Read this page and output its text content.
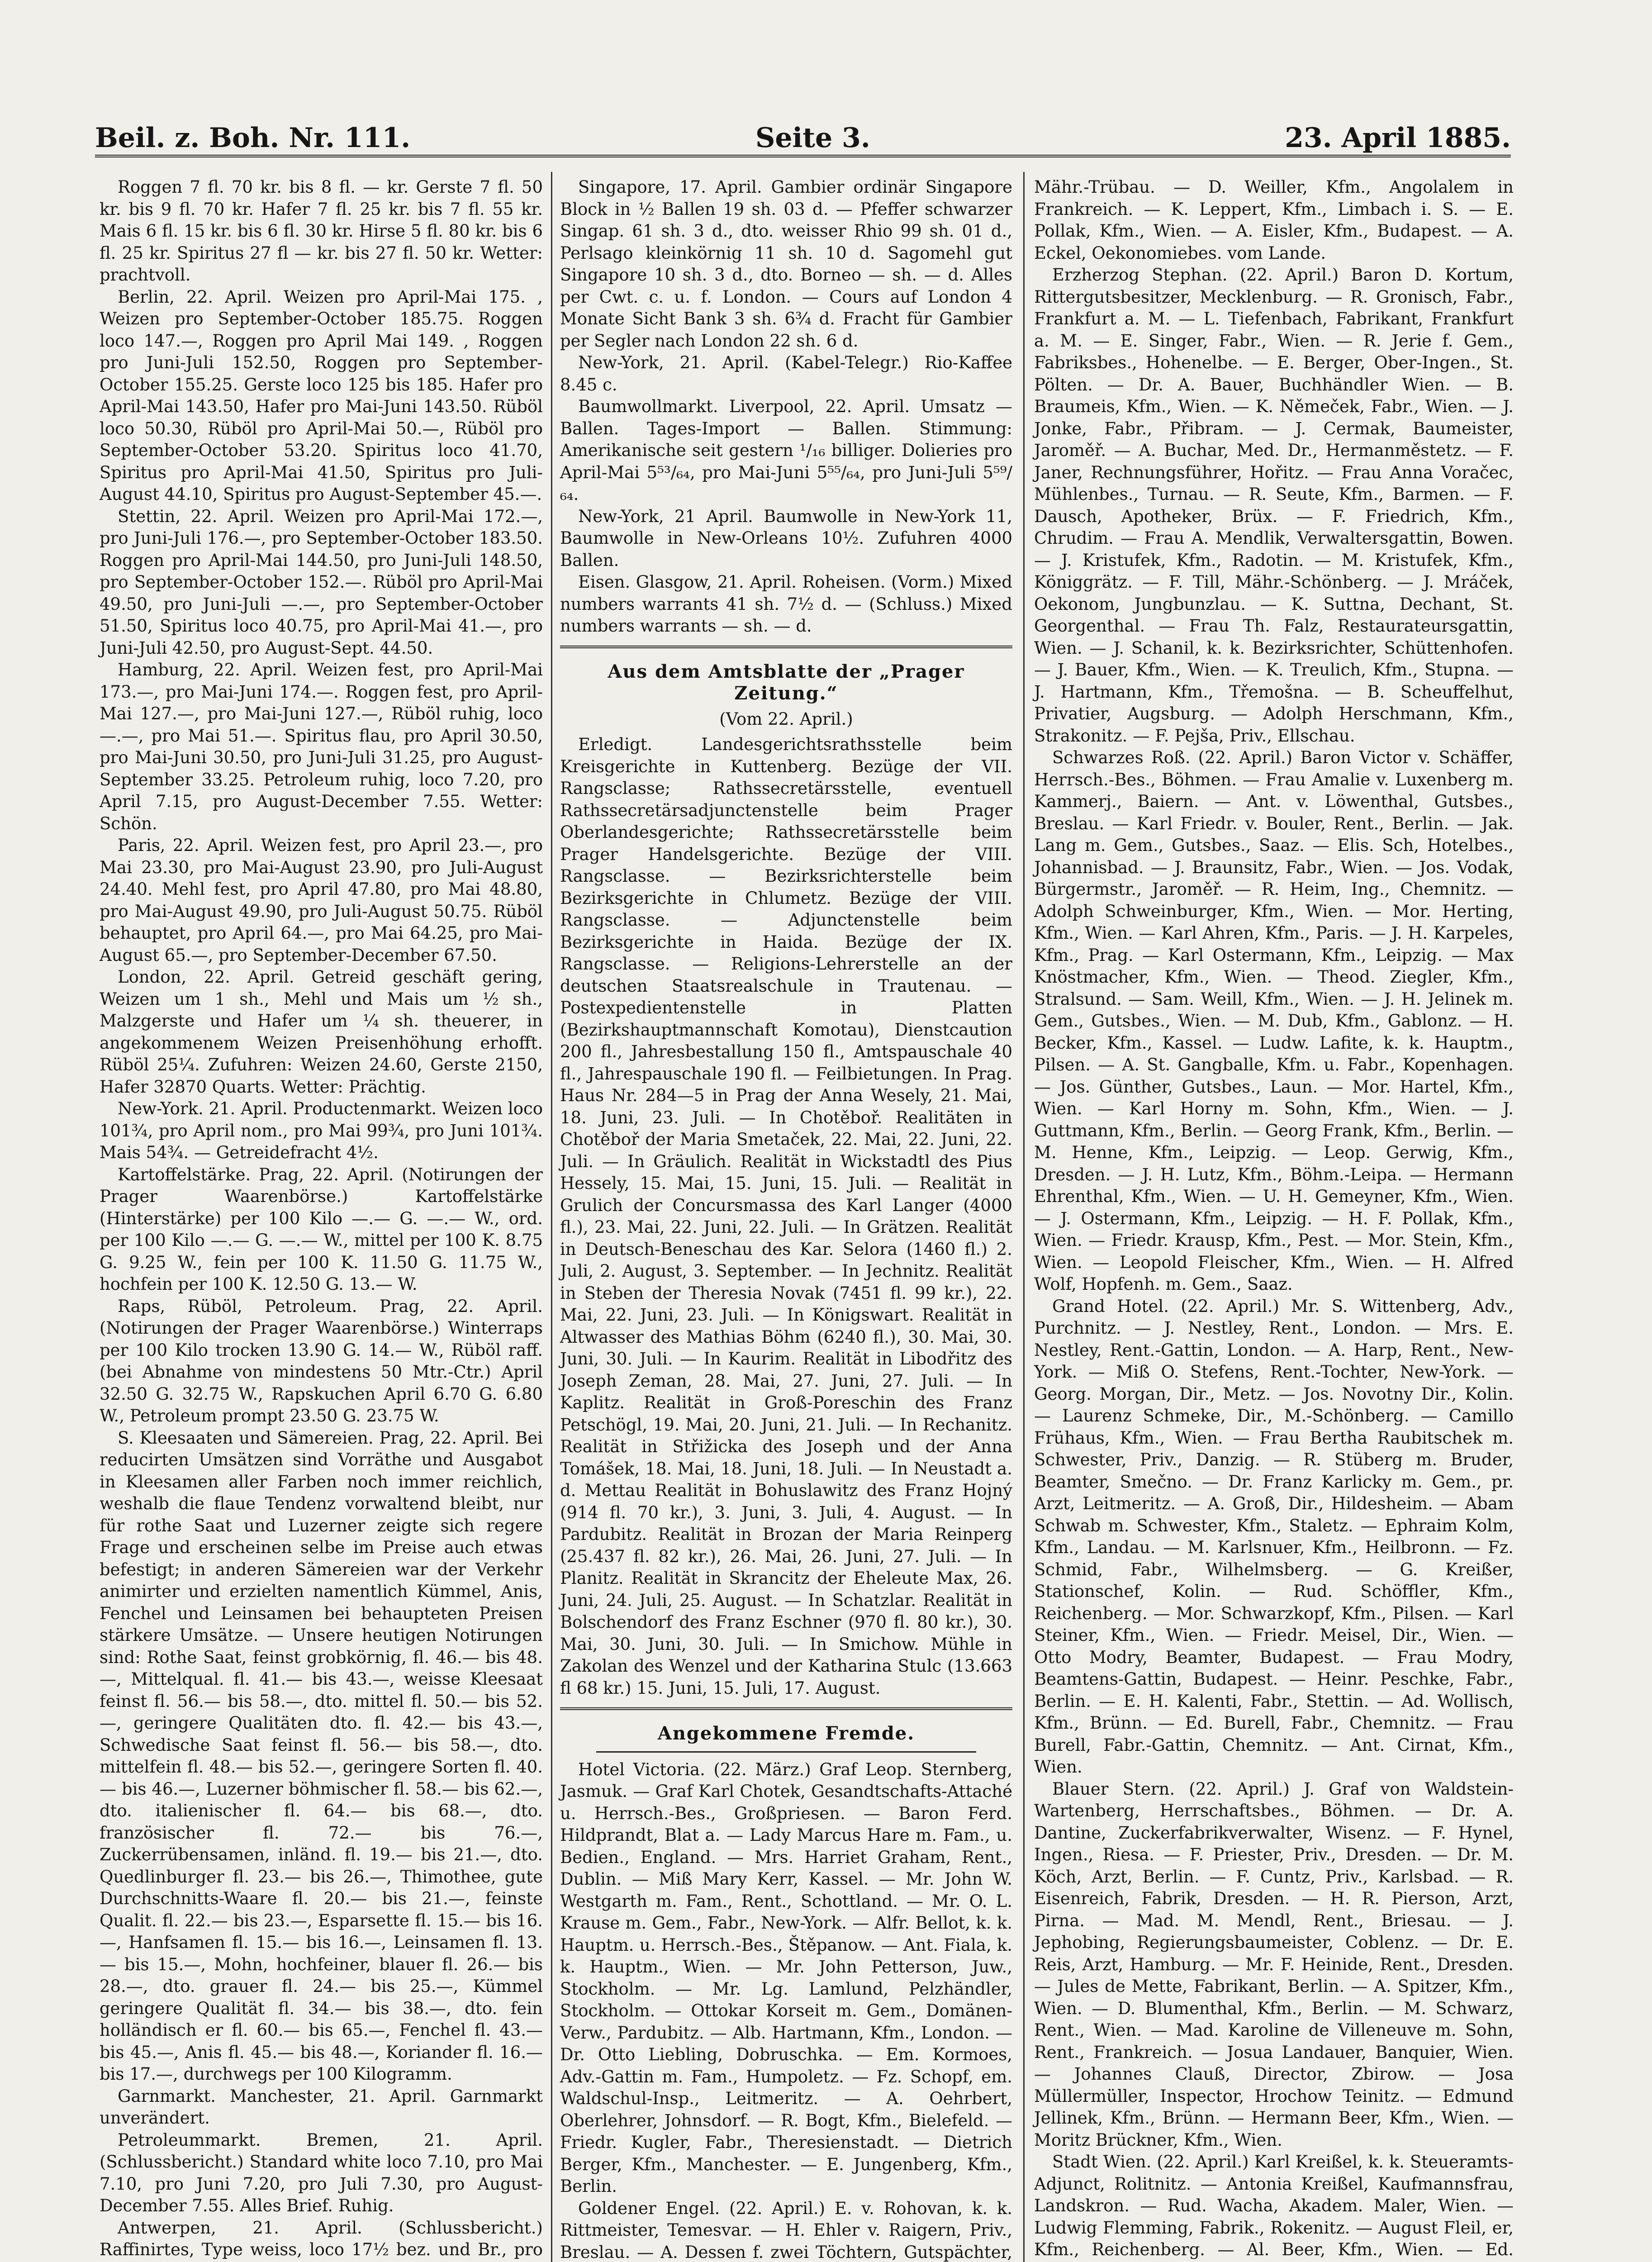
Beil. z. Boh. Nr. 111.	Seite 3.	23. April 1885.

Roggen 7 fl. 70 kr. bis 8 fl. — kr. Gerste 7 fl. 50 kr. bis 9 fl. 70 kr. Hafer 7 fl. 25 kr. bis 7 fl. 55 kr. Mais 6 fl. 15 kr. bis 6 fl. 30 kr. Hirse 5 fl. 80 kr. bis 6 fl. 25 kr. Spiritus 27 fl — kr. bis 27 fl. 50 kr. Wetter: prachtvoll.

Berlin, 22. April. Weizen pro April-Mai 175. , Weizen pro September-October 185.75. Roggen loco 147.—, Roggen pro April Mai 149. , Roggen pro Juni-Juli 152.50, Roggen pro September-October 155.25. Gerste loco 125 bis 185. Hafer pro April-Mai 143.50, Hafer pro Mai-Juni 143.50. Rüböl loco 50.30, Rüböl pro April-Mai 50.—, Rüböl pro September-October 53.20. Spiritus loco 41.70, Spiritus pro April-Mai 41.50, Spiritus pro Juli-August 44.10, Spiritus pro August-September 45.—.

Stettin, 22. April. Weizen pro April-Mai 172.—, pro Juni-Juli 176.—, pro September-October 183.50. Roggen pro April-Mai 144.50, pro Juni-Juli 148.50, pro September-October 152.—. Rüböl pro April-Mai 49.50, pro Juni-Juli —.—, pro September-October 51.50, Spiritus loco 40.75, pro April-Mai 41.—, pro Juni-Juli 42.50, pro August-Sept. 44.50.

Hamburg, 22. April. Weizen fest, pro April-Mai 173.—, pro Mai-Juni 174.—. Roggen fest, pro April-Mai 127.—, pro Mai-Juni 127.—, Rüböl ruhig, loco —.—, pro Mai 51.—. Spiritus flau, pro April 30.50, pro Mai-Juni 30.50, pro Juni-Juli 31.25, pro August-September 33.25. Petroleum ruhig, loco 7.20, pro April 7.15, pro August-December 7.55. Wetter: Schön.

Paris, 22. April. Weizen fest, pro April 23.—, pro Mai 23.30, pro Mai-August 23.90, pro Juli-August 24.40. Mehl fest, pro April 47.80, pro Mai 48.80, pro Mai-August 49.90, pro Juli-August 50.75. Rüböl behauptet, pro April 64.—, pro Mai 64.25, pro Mai-August 65.—, pro September-December 67.50.

London, 22. April. Getreid geschäft gering, Weizen um 1 sh., Mehl und Mais um ½ sh., Malzgerste und Hafer um ¼ sh. theuerer, in angekommenem Weizen Preisenhöhung erhofft. Rüböl 25¼. Zufuhren: Weizen 24.60, Gerste 2150, Hafer 32870 Quarts. Wetter: Prächtig.

New-York. 21. April. Productenmarkt. Weizen loco 101¾, pro April nom., pro Mai 99¾, pro Juni 101¾. Mais 54¾. — Getreidefracht 4½.

Kartoffelstärke. Prag, 22. April. (Notirungen der Prager Waarenbörse.) Kartoffelstärke (Hinterstärke) per 100 Kilo —.— G. —.— W., ord. per 100 Kilo —.— G. —.— W., mittel per 100 K. 8.75 G. 9.25 W., fein per 100 K. 11.50 G. 11.75 W., hochfein per 100 K. 12.50 G. 13.— W.

Raps, Rüböl, Petroleum. Prag, 22. April. (Notirungen der Prager Waarenbörse.) Winterraps per 100 Kilo trocken 13.90 G. 14.— W., Rüböl raff. (bei Abnahme von mindestens 50 Mtr.-Ctr.) April 32.50 G. 32.75 W., Rapskuchen April 6.70 G. 6.80 W., Petroleum prompt 23.50 G. 23.75 W.

S. Kleesaaten und Sämereien. Prag, 22. April. Bei reducirten Umsätzen sind Vorräthe und Ausgabot in Kleesamen aller Farben noch immer reichlich, weshalb die flaue Tendenz vorwaltend bleibt, nur für rothe Saat und Luzerner zeigte sich regere Frage und erscheinen selbe im Preise auch etwas befestigt; in anderen Sämereien war der Verkehr animirter und erzielten namentlich Kümmel, Anis, Fenchel und Leinsamen bei behaupteten Preisen stärkere Umsätze. — Unsere heutigen Notirungen sind: Rothe Saat, feinst grobkörnig, fl. 46.— bis 48.—, Mittelqual. fl. 41.— bis 43.—, weisse Kleesaat feinst fl. 56.— bis 58.—, dto. mittel fl. 50.— bis 52.—, geringere Qualitäten dto. fl. 42.— bis 43.—, Schwedische Saat feinst fl. 56.— bis 58.—, dto. mittelfein fl. 48.— bis 52.—, geringere Sorten fl. 40.— bis 46.—, Luzerner böhmischer fl. 58.— bis 62.—, dto. italienischer fl. 64.— bis 68.—, dto. französischer fl. 72.— bis 76.—, Zuckerrübensamen, inländ. fl. 19.— bis 21.—, dto. Quedlinburger fl. 23.— bis 26.—, Thimothee, gute Durchschnitts-Waare fl. 20.— bis 21.—, feinste Qualit. fl. 22.— bis 23.—, Esparsette fl. 15.— bis 16.—, Hanfsamen fl. 15.— bis 16.—, Leinsamen fl. 13.— bis 15.—, Mohn, hochfeiner, blauer fl. 26.— bis 28.—, dto. grauer fl. 24.— bis 25.—, Kümmel geringere Qualität fl. 34.— bis 38.—, dto. fein holländisch er fl. 60.— bis 65.—, Fenchel fl. 43.— bis 45.—, Anis fl. 45.— bis 48.—, Koriander fl. 16.— bis 17.—, durchwegs per 100 Kilogramm.

Garnmarkt. Manchester, 21. April. Garnmarkt unverändert.

Petroleummarkt. Bremen, 21. April. (Schlussbericht.) Standard white loco 7.10, pro Mai 7.10, pro Juni 7.20, pro Juli 7.30, pro August-December 7.55. Alles Brief. Ruhig.

Antwerpen, 21. April. (Schlussbericht.) Raffinirtes, Type weiss, loco 17½ bez. und Br., pro

Singapore, 17. April. Gambier ordinär Singapore Block in ½ Ballen 19 sh. 03 d. — Pfeffer schwarzer Singap. 61 sh. 3 d., dto. weisser Rhio 99 sh. 01 d., Perlsago kleinkörnig 11 sh. 10 d. Sagomehl gut Singapore 10 sh. 3 d., dto. Borneo — sh. — d. Alles per Cwt. c. u. f. London. — Cours auf London 4 Monate Sicht Bank 3 sh. 6¾ d. Fracht für Gambier per Segler nach London 22 sh. 6 d.

New-York, 21. April. (Kabel-Telegr.) Rio-Kaffee 8.45 c.

Baumwollmarkt. Liverpool, 22. April. Umsatz — Ballen. Tages-Import — Ballen. Stimmung: Amerikanische seit gestern ¹/₁₆ billiger. Dolieries pro April-Mai 5⁵³/₆₄, pro Mai-Juni 5⁵⁵/₆₄, pro Juni-Juli 5⁵⁹/₆₄.

New-York, 21 April. Baumwolle in New-York 11, Baumwolle in New-Orleans 10½. Zufuhren 4000 Ballen.

Eisen. Glasgow, 21. April. Roheisen. (Vorm.) Mixed numbers warrants 41 sh. 7½ d. — (Schluss.) Mixed numbers warrants — sh. — d.

Aus dem Amtsblatte der „Prager Zeitung.“
(Vom 22. April.)

Erledigt. Landesgerichtsrathsstelle beim Kreisgerichte in Kuttenberg. Bezüge der VII. Rangsclasse; Rathssecretärsstelle, eventuell Rathssecretärsadjunctenstelle beim Prager Oberlandesgerichte; Rathssecretärsstelle beim Prager Handelsgerichte. Bezüge der VIII. Rangsclasse. — Bezirksrichterstelle beim Bezirksgerichte in Chlumetz. Bezüge der VIII. Rangsclasse. — Adjunctenstelle beim Bezirksgerichte in Haida. Bezüge der IX. Rangsclasse. — Religions-Lehrerstelle an der deutschen Staatsrealschule in Trautenau. — Postexpedientenstelle in Platten (Bezirkshauptmannschaft Komotau), Dienstcaution 200 fl., Jahresbestallung 150 fl., Amtspauschale 40 fl., Jahrespauschale 190 fl. — Feilbietungen. In Prag. Haus Nr. 284—5 in Prag der Anna Wesely, 21. Mai, 18. Juni, 23. Juli. — In Chotěboř. Realitäten in Chotěboř der Maria Smetaček, 22. Mai, 22. Juni, 22. Juli. — In Gräulich. Realität in Wickstadtl des Pius Hessely, 15. Mai, 15. Juni, 15. Juli. — Realität in Grulich der Concursmassa des Karl Langer (4000 fl.), 23. Mai, 22. Juni, 22. Juli. — In Grätzen. Realität in Deutsch-Beneschau des Kar. Selora (1460 fl.) 2. Juli, 2. August, 3. September. — In Jechnitz. Realität in Steben der Theresia Novak (7451 fl. 99 kr.), 22. Mai, 22. Juni, 23. Juli. — In Königswart. Realität in Altwasser des Mathias Böhm (6240 fl.), 30. Mai, 30. Juni, 30. Juli. — In Kaurim. Realität in Libodřitz des Joseph Zeman, 28. Mai, 27. Juni, 27. Juli. — In Kaplitz. Realität in Groß-Poreschin des Franz Petschögl, 19. Mai, 20. Juni, 21. Juli. — In Rechanitz. Realität in Střižicka des Joseph und der Anna Tomášek, 18. Mai, 18. Juni, 18. Juli. — In Neustadt a. d. Mettau Realität in Bohuslawitz des Franz Hojný (914 fl. 70 kr.), 3. Juni, 3. Juli, 4. August. — In Pardubitz. Realität in Brozan der Maria Reinperg (25.437 fl. 82 kr.), 26. Mai, 26. Juni, 27. Juli. — In Planitz. Realität in Skrancitz der Eheleute Max, 26. Juni, 24. Juli, 25. August. — In Schatzlar. Realität in Bolschendorf des Franz Eschner (970 fl. 80 kr.), 30. Mai, 30. Juni, 30. Juli. — In Smichow. Mühle in Zakolan des Wenzel und der Katharina Stulc (13.663 fl 68 kr.) 15. Juni, 15. Juli, 17. August.

Angekommene Fremde.

Hotel Victoria. (22. März.) Graf Leop. Sternberg, Jasmuk. — Graf Karl Chotek, Gesandtschafts-Attaché u. Herrsch.-Bes., Großpriesen. — Baron Ferd. Hildprandt, Blat a. — Lady Marcus Hare m. Fam., u. Bedien., England. — Mrs. Harriet Graham, Rent., Dublin. — Miß Mary Kerr, Kassel. — Mr. John W. Westgarth m. Fam., Rent., Schottland. — Mr. O. L. Krause m. Gem., Fabr., New-York. — Alfr. Bellot, k. k. Hauptm. u. Herrsch.-Bes., Štěpanow. — Ant. Fiala, k. k. Hauptm., Wien. — Mr. John Petterson, Juw., Stockholm. — Mr. Lg. Lamlund, Pelzhändler, Stockholm. — Ottokar Korseit m. Gem., Domänen-Verw., Pardubitz. — Alb. Hartmann, Kfm., London. — Dr. Otto Liebling, Dobruschka. — Em. Kormoes, Adv.-Gattin m. Fam., Humpoletz. — Fz. Schopf, em. Waldschul-Insp., Leitmeritz. — A. Oehrbert, Oberlehrer, Johnsdorf. — R. Bogt, Kfm., Bielefeld. — Friedr. Kugler, Fabr., Theresienstadt. — Dietrich Berger, Kfm., Manchester. — E. Jungenberg, Kfm., Berlin.

Goldener Engel. (22. April.) E. v. Rohovan, k. k. Rittmeister, Temesvar. — H. Ehler v. Raigern, Priv., Breslau. — A. Dessen f. zwei Töchtern, Gutspächter,

Mähr.-Trübau. — D. Weiller, Kfm., Angolalem in Frankreich. — K. Leppert, Kfm., Limbach i. S. — E. Pollak, Kfm., Wien. — A. Eisler, Kfm., Budapest. — A. Eckel, Oekonomiebes. vom Lande.

Erzherzog Stephan. (22. April.) Baron D. Kortum, Rittergutsbesitzer, Mecklenburg. — R. Gronisch, Fabr., Frankfurt a. M. — L. Tiefenbach, Fabrikant, Frankfurt a. M. — E. Singer, Fabr., Wien. — R. Jerie f. Gem., Fabriksbes., Hohenelbe. — E. Berger, Ober-Ingen., St. Pölten. — Dr. A. Bauer, Buchhändler Wien. — B. Braumeis, Kfm., Wien. — K. Němeček, Fabr., Wien. — J. Jonke, Fabr., Přibram. — J. Cermak, Baumeister, Jaroměř. — A. Buchar, Med. Dr., Hermanměstetz. — F. Janer, Rechnungsführer, Hořitz. — Frau Anna Voračec, Mühlenbes., Turnau. — R. Seute, Kfm., Barmen. — F. Dausch, Apotheker, Brüx. — F. Friedrich, Kfm., Chrudim. — Frau A. Mendlik, Verwaltersgattin, Bowen. — J. Kristufek, Kfm., Radotin. — M. Kristufek, Kfm., Königgrätz. — F. Till, Mähr.-Schönberg. — J. Mráček, Oekonom, Jungbunzlau. — K. Suttna, Dechant, St. Georgenthal. — Frau Th. Falz, Restaurateursgattin, Wien. — J. Schanil, k. k. Bezirksrichter, Schüttenhofen. — J. Bauer, Kfm., Wien. — K. Treulich, Kfm., Stupna. — J. Hartmann, Kfm., Třemošna. — B. Scheuffelhut, Privatier, Augsburg. — Adolph Herschmann, Kfm., Strakonitz. — F. Pejša, Priv., Ellschau.

Schwarzes Roß. (22. April.) Baron Victor v. Schäffer, Herrsch.-Bes., Böhmen. — Frau Amalie v. Luxenberg m. Kammerj., Baiern. — Ant. v. Löwenthal, Gutsbes., Breslau. — Karl Friedr. v. Bouler, Rent., Berlin. — Jak. Lang m. Gem., Gutsbes., Saaz. — Elis. Sch, Hotelbes., Johannisbad. — J. Braunsitz, Fabr., Wien. — Jos. Vodak, Bürgermstr., Jaroměř. — R. Heim, Ing., Chemnitz. — Adolph Schweinburger, Kfm., Wien. — Mor. Herting, Kfm., Wien. — Karl Ahren, Kfm., Paris. — J. H. Karpeles, Kfm., Prag. — Karl Ostermann, Kfm., Leipzig. — Max Knöstmacher, Kfm., Wien. — Theod. Ziegler, Kfm., Stralsund. — Sam. Weill, Kfm., Wien. — J. H. Jelinek m. Gem., Gutsbes., Wien. — M. Dub, Kfm., Gablonz. — H. Becker, Kfm., Kassel. — Ludw. Lafite, k. k. Hauptm., Pilsen. — A. St. Gangballe, Kfm. u. Fabr., Kopenhagen. — Jos. Günther, Gutsbes., Laun. — Mor. Hartel, Kfm., Wien. — Karl Horny m. Sohn, Kfm., Wien. — J. Guttmann, Kfm., Berlin. — Georg Frank, Kfm., Berlin. — M. Henne, Kfm., Leipzig. — Leop. Gerwig, Kfm., Dresden. — J. H. Lutz, Kfm., Böhm.-Leipa. — Hermann Ehrenthal, Kfm., Wien. — U. H. Gemeyner, Kfm., Wien. — J. Ostermann, Kfm., Leipzig. — H. F. Pollak, Kfm., Wien. — Friedr. Krausp, Kfm., Pest. — Mor. Stein, Kfm., Wien. — Leopold Fleischer, Kfm., Wien. — H. Alfred Wolf, Hopfenh. m. Gem., Saaz.

Grand Hotel. (22. April.) Mr. S. Wittenberg, Adv., Purchnitz. — J. Nestley, Rent., London. — Mrs. E. Nestley, Rent.-Gattin, London. — A. Harp, Rent., New-York. — Miß O. Stefens, Rent.-Tochter, New-York. — Georg. Morgan, Dir., Metz. — Jos. Novotny Dir., Kolin. — Laurenz Schmeke, Dir., M.-Schönberg. — Camillo Frühaus, Kfm., Wien. — Frau Bertha Raubitschek m. Schwester, Priv., Danzig. — R. Stüberg m. Bruder, Beamter, Smečno. — Dr. Franz Karlicky m. Gem., pr. Arzt, Leitmeritz. — A. Groß, Dir., Hildesheim. — Abam Schwab m. Schwester, Kfm., Staletz. — Ephraim Kolm, Kfm., Landau. — M. Karlsnuer, Kfm., Heilbronn. — Fz. Schmid, Fabr., Wilhelmsberg. — G. Kreißer, Stationschef, Kolin. — Rud. Schöffler, Kfm., Reichenberg. — Mor. Schwarzkopf, Kfm., Pilsen. — Karl Steiner, Kfm., Wien. — Friedr. Meisel, Dir., Wien. — Otto Modry, Beamter, Budapest. — Frau Modry, Beamtens-Gattin, Budapest. — Heinr. Peschke, Fabr., Berlin. — E. H. Kalenti, Fabr., Stettin. — Ad. Wollisch, Kfm., Brünn. — Ed. Burell, Fabr., Chemnitz. — Frau Burell, Fabr.-Gattin, Chemnitz. — Ant. Cirnat, Kfm., Wien.

Blauer Stern. (22. April.) J. Graf von Waldstein-Wartenberg, Herrschaftsbes., Böhmen. — Dr. A. Dantine, Zuckerfabrikverwalter, Wisenz. — F. Hynel, Ingen., Riesa. — F. Priester, Priv., Dresden. — Dr. M. Köch, Arzt, Berlin. — F. Cuntz, Priv., Karlsbad. — R. Eisenreich, Fabrik, Dresden. — H. R. Pierson, Arzt, Pirna. — Mad. M. Mendl, Rent., Briesau. — J. Jephobing, Regierungsbaumeister, Coblenz. — Dr. E. Reis, Arzt, Hamburg. — Mr. F. Heinide, Rent., Dresden. — Jules de Mette, Fabrikant, Berlin. — A. Spitzer, Kfm., Wien. — D. Blumenthal, Kfm., Berlin. — M. Schwarz, Rent., Wien. — Mad. Karoline de Villeneuve m. Sohn, Rent., Frankreich. — Josua Landauer, Banquier, Wien. — Johannes Clauß, Director, Zbirow. — Josa Müllermüller, Inspector, Hrochow Teinitz. — Edmund Jellinek, Kfm., Brünn. — Hermann Beer, Kfm., Wien. — Moritz Brückner, Kfm., Wien.

Stadt Wien. (22. April.) Karl Kreißel, k. k. Steueramts-Adjunct, Rolitnitz. — Antonia Kreißel, Kaufmannsfrau, Landskron. — Rud. Wacha, Akadem. Maler, Wien. — Ludwig Flemming, Fabrik., Rokenitz. — August Fleil, er, Kfm., Reichenberg. — Al. Beer, Kfm., Wien. — Ed.
